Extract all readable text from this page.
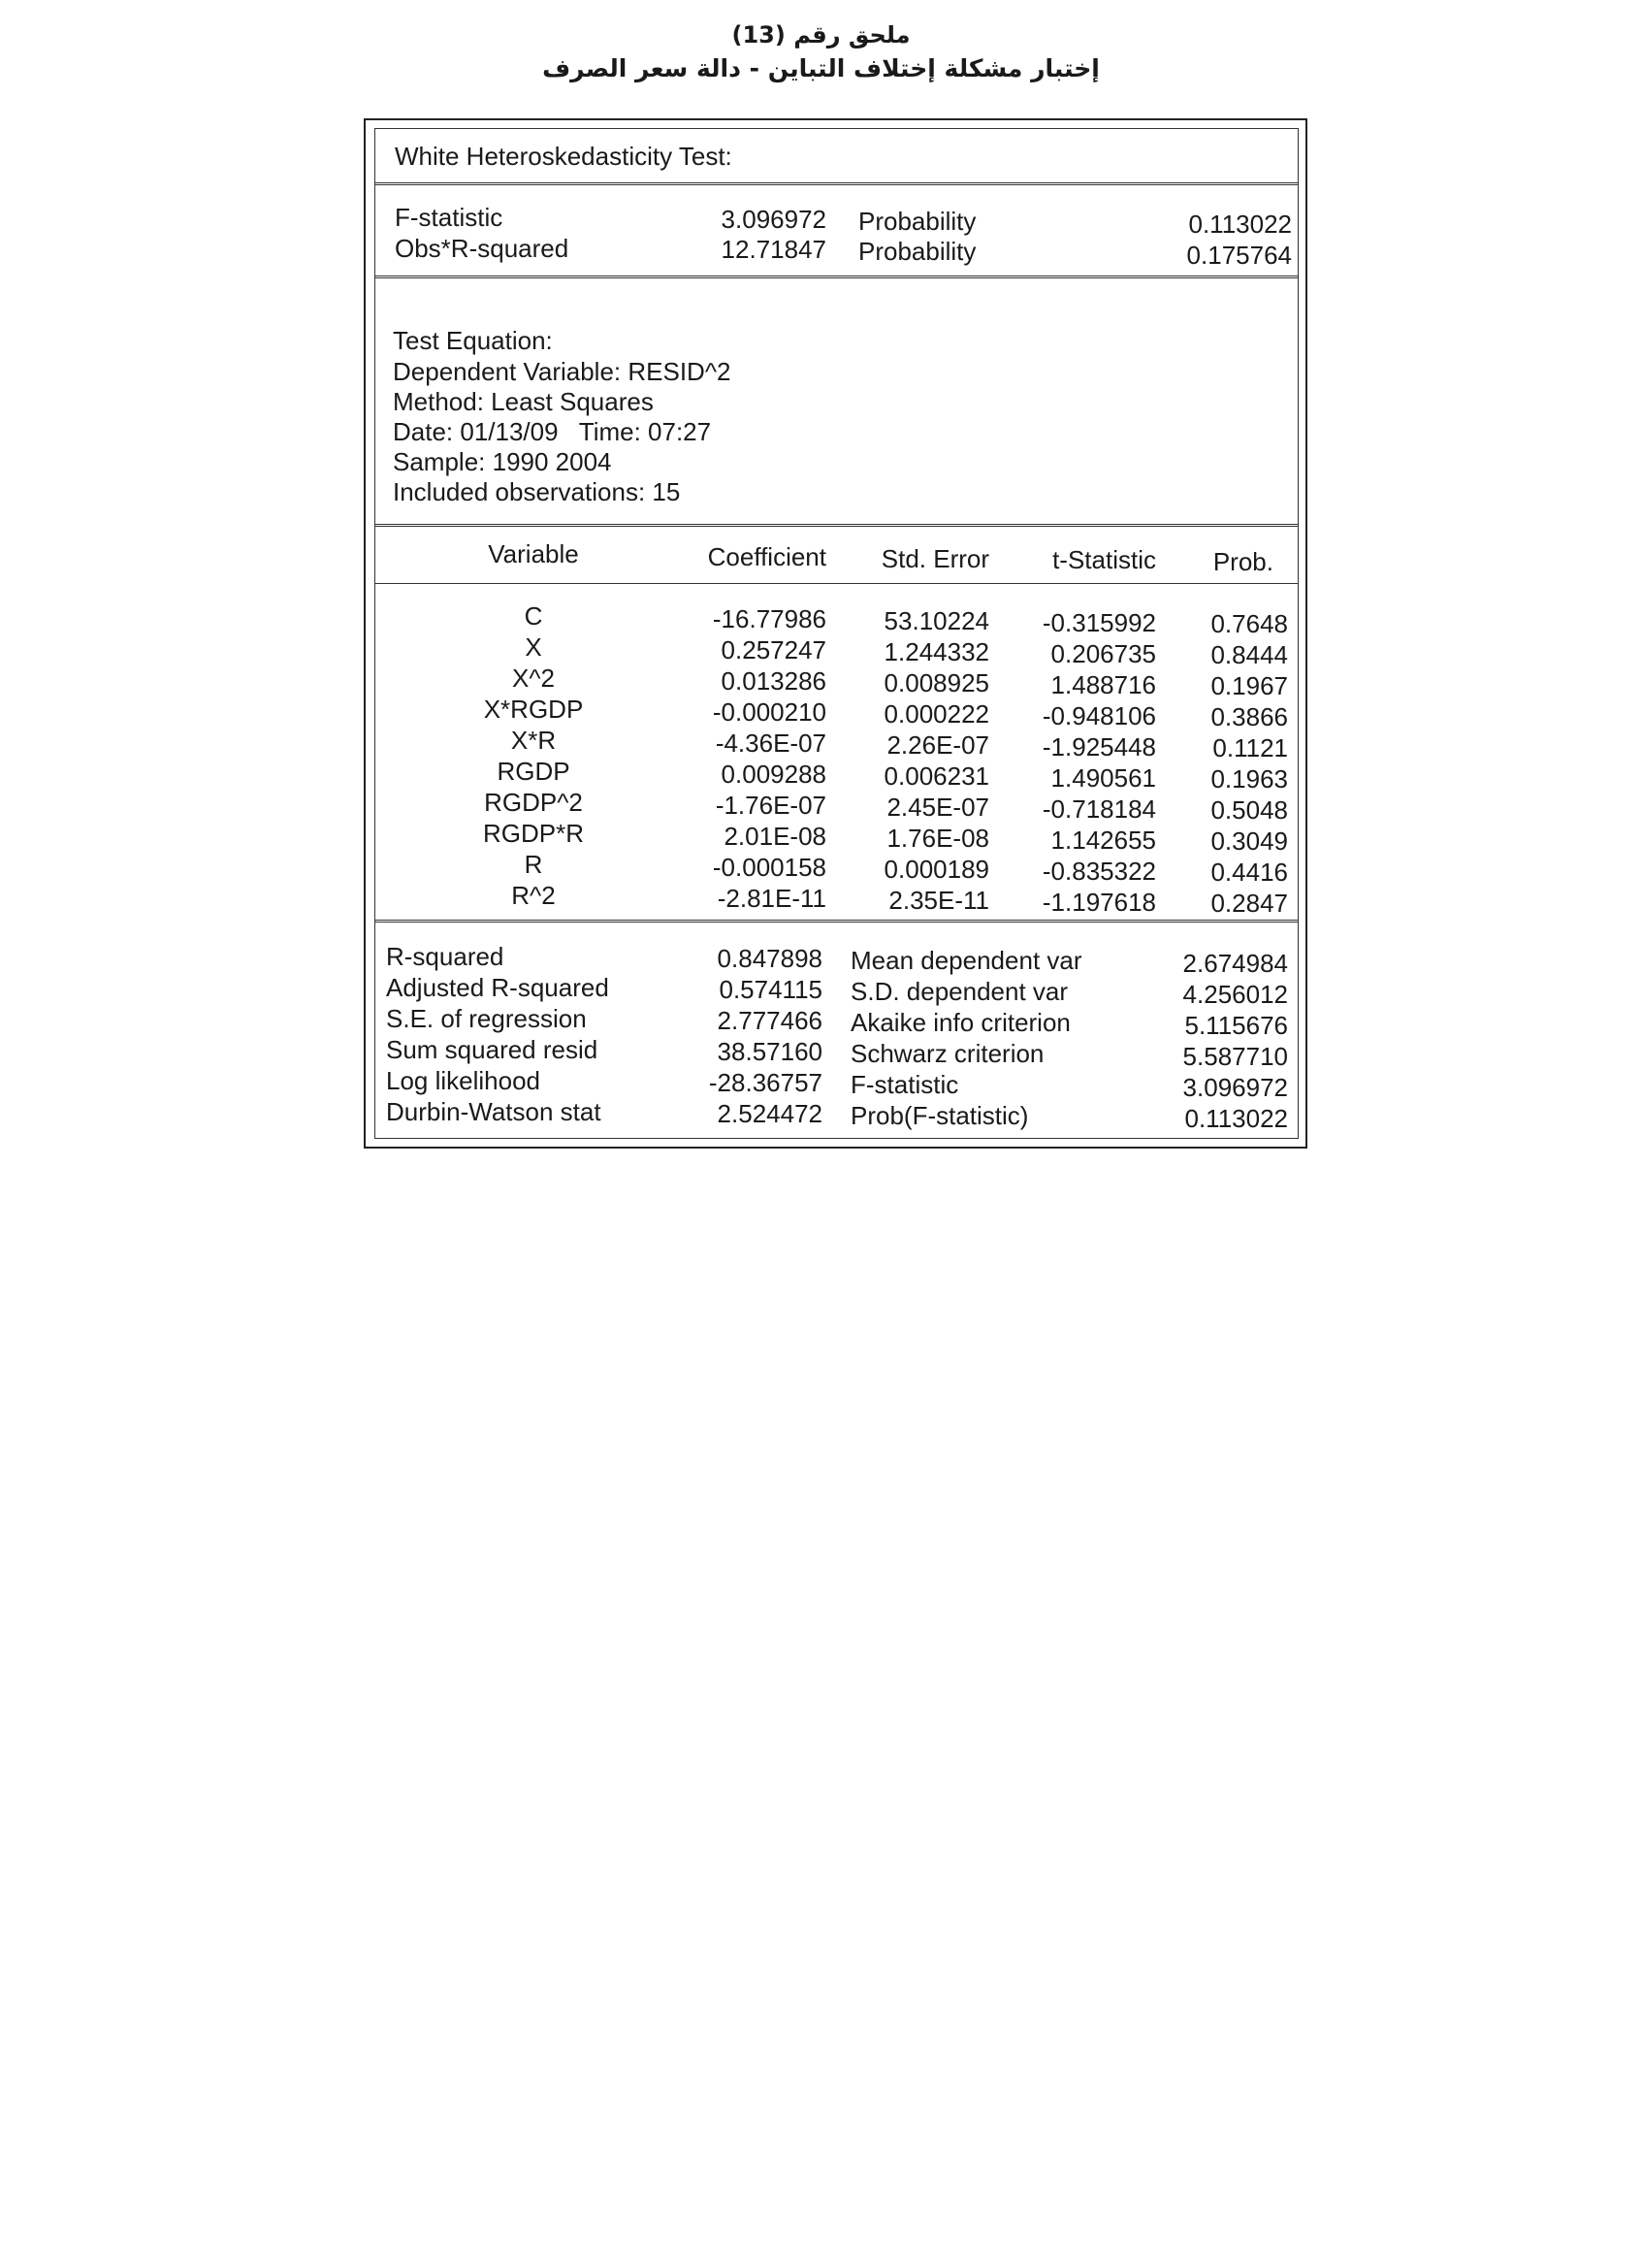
ملحق رقم (13)
إختبار مشكلة إختلاف التباين - دالة سعر الصرف
White Heteroskedasticity Test:
F-statistic	3.096972 Probability	0.113022
Obs*R-squared	12.71847 Probability	0.175764
Test Equation:
Dependent Variable: RESID^2
Method: Least Squares
Date: 01/13/09   Time: 07:27
Sample: 1990 2004
Included observations: 15
Variable	Coefficient	Std. Error	t-Statistic	Prob.
C	-16.77986	53.10224	-0.315992	0.7648
X	0.257247	1.244332	0.206735	0.8444
X^2	0.013286	0.008925	1.488716	0.1967
X*RGDP	-0.000210	0.000222	-0.948106	0.3866
X*R	-4.36E-07	2.26E-07	-1.925448	0.1121
RGDP	0.009288	0.006231	1.490561	0.1963
RGDP^2	-1.76E-07	2.45E-07	-0.718184	0.5048
RGDP*R	2.01E-08	1.76E-08	1.142655	0.3049
R	-0.000158	0.000189	-0.835322	0.4416
R^2	-2.81E-11	2.35E-11	-1.197618	0.2847
R-squared	0.847898 Mean dependent var	2.674984
Adjusted R-squared	0.574115 S.D. dependent var	4.256012
S.E. of regression	2.777466 Akaike info criterion	5.115676
Sum squared resid	38.57160 Schwarz criterion	5.587710
Log likelihood	-28.36757 F-statistic	3.096972
Durbin-Watson stat	2.524472 Prob(F-statistic)	0.113022
